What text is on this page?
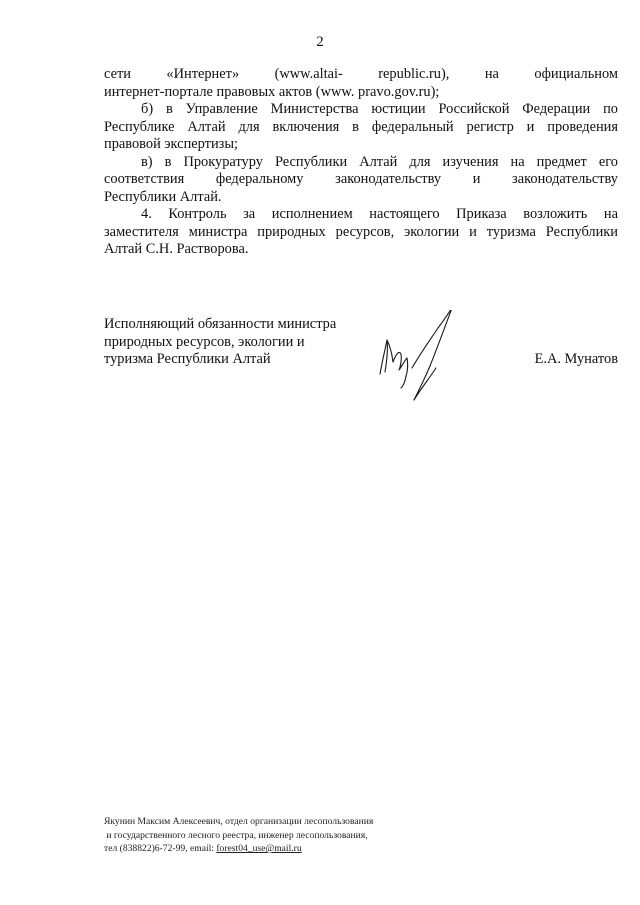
2

сети «Интернет» (www.altai- republic.ru), на официальном
интернет-портале правовых актов (www. pravo.gov.ru);

б) в Управление Министерства юстиции Российской Федерации по
Республике Алтай для включения в федеральный регистр и проведения
правовой экспертизы;

в) в Прокуратуру Республики Алтай для изучения на предмет его
соответствия федеральному законодательству и законодательству
Республики Алтай.

4. Контроль за исполнением настоящего Приказа возложить на
заместителя министра природных ресурсов, экологии и туризма Республики
Алтай С.Н. Растворова.

Исполняющий обязанности министра
природных ресурсов, экологии и
туризма Республики Алтай	Е.А. Мунатов
Якунин Максим Алексеевич, отдел организации лесопользования
и государственного лесного реестра, инженер лесопользования,
тел (838822)6-72-99, email: forest04_use@mail.ru
